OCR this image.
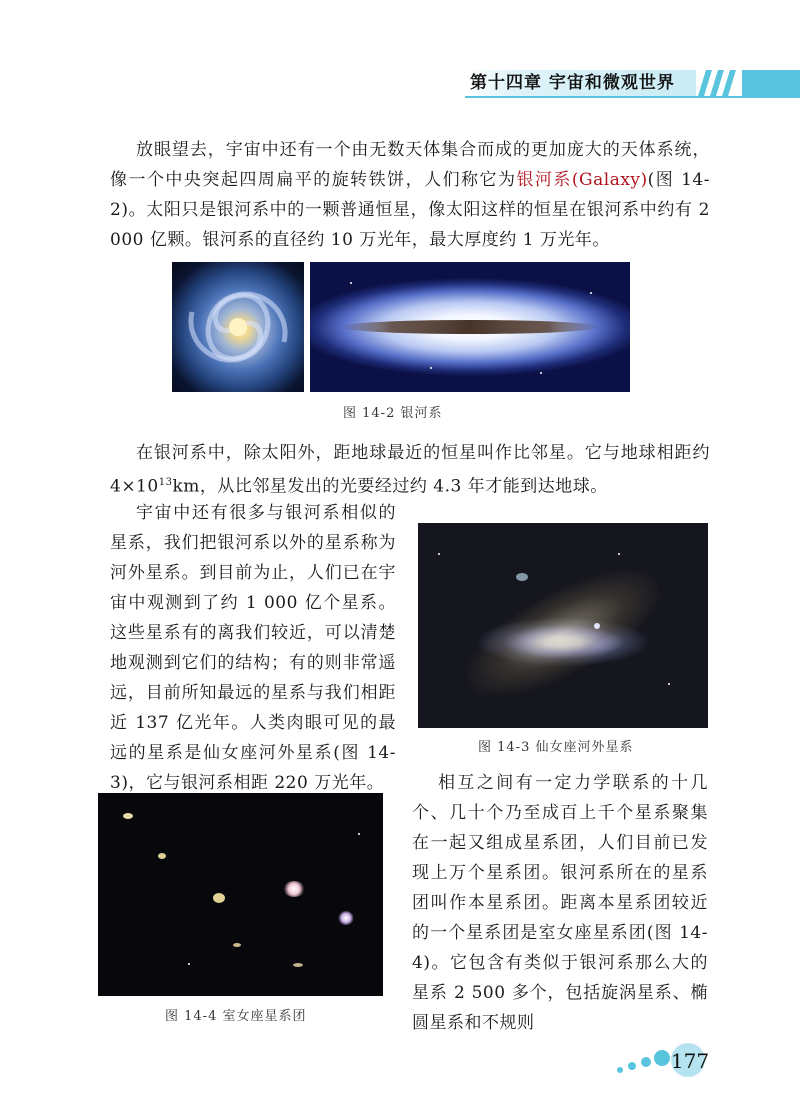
第十四章 宇宙和微观世界
放眼望去，宇宙中还有一个由无数天体集合而成的更加庞大的天体系统，像一个中央突起四周扁平的旋转铁饼，人们称它为银河系(Galaxy)(图 14-2)。太阳只是银河系中的一颗普通恒星，像太阳这样的恒星在银河系中约有 2 000 亿颗。银河系的直径约 10 万光年，最大厚度约 1 万光年。
图 14-2 银河系
在银河系中，除太阳外，距地球最近的恒星叫作比邻星。它与地球相距约 $4\times 10^{13}km$，从比邻星发出的光要经过约 4.3 年才能到达地球。
宇宙中还有很多与银河系相似的星系，我们把银河系以外的星系称为河外星系。到目前为止，人们已在宇宙中观测到了约 1 000 亿个星系。这些星系有的离我们较近，可以清楚地观测到它们的结构；有的则非常遥远，目前所知最远的星系与我们相距近 137 亿光年。人类肉眼可见的最远的星系是仙女座河外星系(图 14-3)，它与银河系相距 220 万光年。
图 14-3 仙女座河外星系
图 14-4 室女座星系团
相互之间有一定力学联系的十几个、几十个乃至成百上千个星系聚集在一起又组成星系团，人们目前已发现上万个星系团。银河系所在的星系团叫作本星系团。距离本星系团较近的一个星系团是室女座星系团(图 14-4)。它包含有类似于银河系那么大的星系 2 500 多个，包括旋涡星系、椭圆星系和不规则
177
